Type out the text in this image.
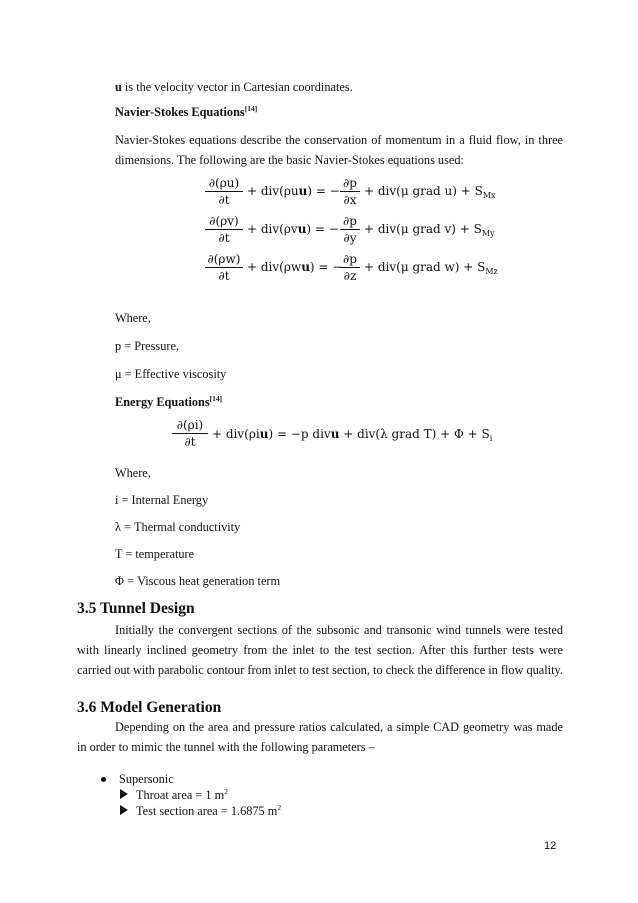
u is the velocity vector in Cartesian coordinates.
Navier-Stokes Equations[14]
Navier-Stokes equations describe the conservation of momentum in a fluid flow, in three dimensions. The following are the basic Navier-Stokes equations used:
∂(ρu)
∂t
+ div(ρuu) = −
∂p
∂x
+ div(μ grad $u) + S_{Mx}$
∂(ρv)
∂t
+ div(ρvu) = −
∂p
∂y
+ div(μ grad $v) + S_{My}$
∂(ρw)
∂t
+ div(ρwu) = −
∂p
∂z
+ div(μ grad $w) + S_{Mz}$
Where,
p = Pressure,
μ = Effective viscosity
Energy Equations[14]
∂(ρi)
∂t
+ div(ρiu) = −p divu + div(λ grad $T) + \Phi + S_i$
Where,
i = Internal Energy
λ = Thermal conductivity
T = temperature
Φ = Viscous heat generation term
3.5 Tunnel Design
Initially the convergent sections of the subsonic and transonic wind tunnels were tested with linearly inclined geometry from the inlet to the test section. After this further tests were carried out with parabolic contour from inlet to test section, to check the difference in flow quality.
3.6 Model Generation
Depending on the area and pressure ratios calculated, a simple CAD geometry was made in order to mimic the tunnel with the following parameters –
Supersonic
Throat area = 1 $m^2$
Test section area = 1.6875 $m^2$
12
